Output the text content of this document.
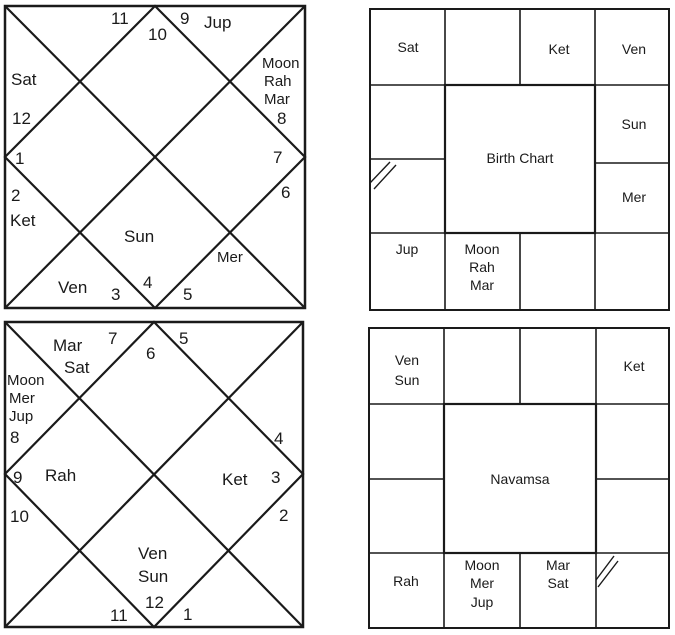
11
10
9 Jup
Sat
12
Moon
Rah
Mar
8
1	7
2
Ket
6
Sun
Mer
Ven 3
4
5
Mar
Sat
7
6
5
Moon
Mer
Jup
8	4
9 Rah	Ket 3
10	2
Ven
Sun
12
11	1
Birth Chart
Sat	Ket	Ven
Sun
Mer
Jup	Moon
Rah
Mar
Navamsa
Ven
Sun
Ket
Rah
Moon
Mer
Jup
Mar
Sat
